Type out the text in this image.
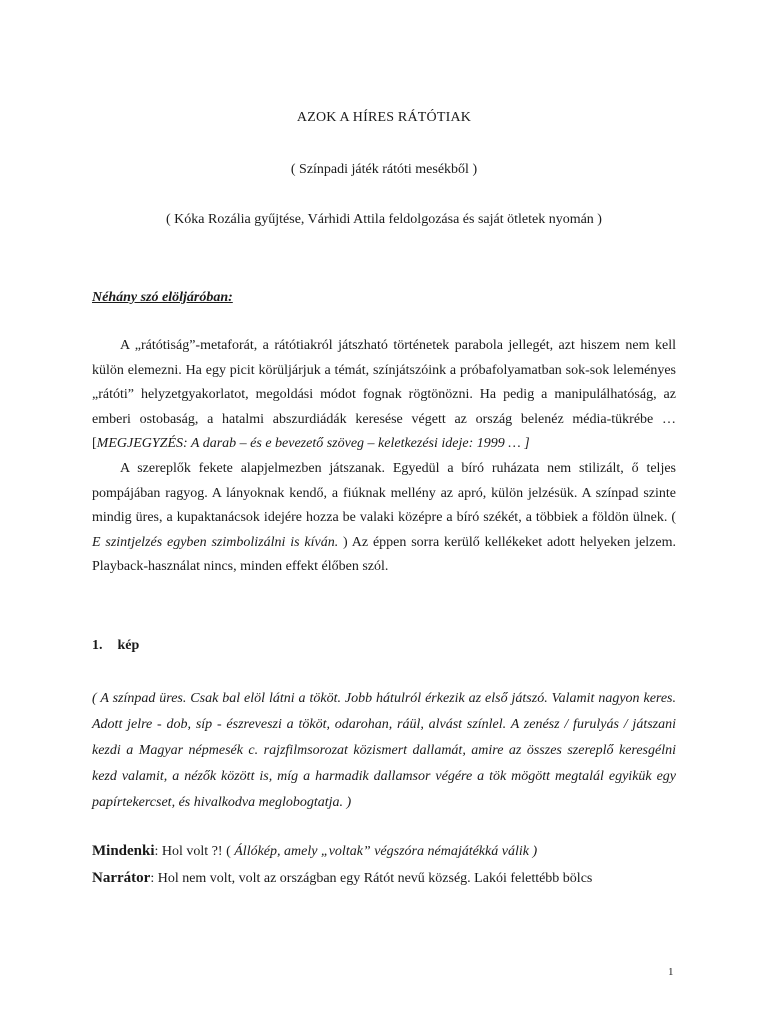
AZOK A HÍRES RÁTÓTIAK
( Színpadi játék rátóti mesékből )
( Kóka Rozália gyűjtése, Várhidi Attila feldolgozása és saját ötletek nyomán )
Néhány szó elöljáróban:

A „rátótiság”-metaforát, a rátótiakról játszható történetek parabola jellegét, azt hiszem nem kell külön elemezni. Ha egy picit körüljárjuk a témát, színjátszóink a próbafolyamatban sok-sok leleményes „rátóti” helyzetgyakorlatot, megoldási módot fognak rögtönözni. Ha pedig a manipulálhatóság, az emberi ostobaság, a hatalmi abszurdiádák keresése végett az ország belenéz média-tükrébe … [MEGJEGYZÉS: A darab – és e bevezető szöveg – keletkezési ideje: 1999 … ]

A szereplők fekete alapjelmezben játszanak. Egyedül a bíró ruházata nem stilizált, ő teljes pompájában ragyog. A lányoknak kendő, a fiúknak mellény az apró, külön jelzésük. A színpad szinte mindig üres, a kupaktanácsok idejére hozza be valaki középre a bíró székét, a többiek a földön ülnek. ( E szintjelzés egyben szimbolizálni is kíván. ) Az éppen sorra kerülő kellékeket adott helyeken jelzem. Playback-használat nincs, minden effekt élőben szól.

1. kép
( A színpad üres. Csak bal elöl látni a tököt. Jobb hátulról érkezik az első játszó. Valamit nagyon keres. Adott jelre - dob, síp - észreveszi a tököt, odarohan, ráül, alvást színlel. A zenész / furulyás / játszani kezdi a Magyar népmesék c. rajzfilmsorozat közismert dallamát, amire az összes szereplő keresgélni kezd valamit, a nézők között is, míg a harmadik dallamsor végére a tök mögött megtalál egyikük egy papírtekercset, és hivalkodva meglobogtatja. )
Mindenki: Hol volt ?! ( Állókép, amely „voltak” végszóra némajátékká válik )
Narrátor: Hol nem volt, volt az országban egy Rátót nevű község. Lakói felettébb bölcs
1
